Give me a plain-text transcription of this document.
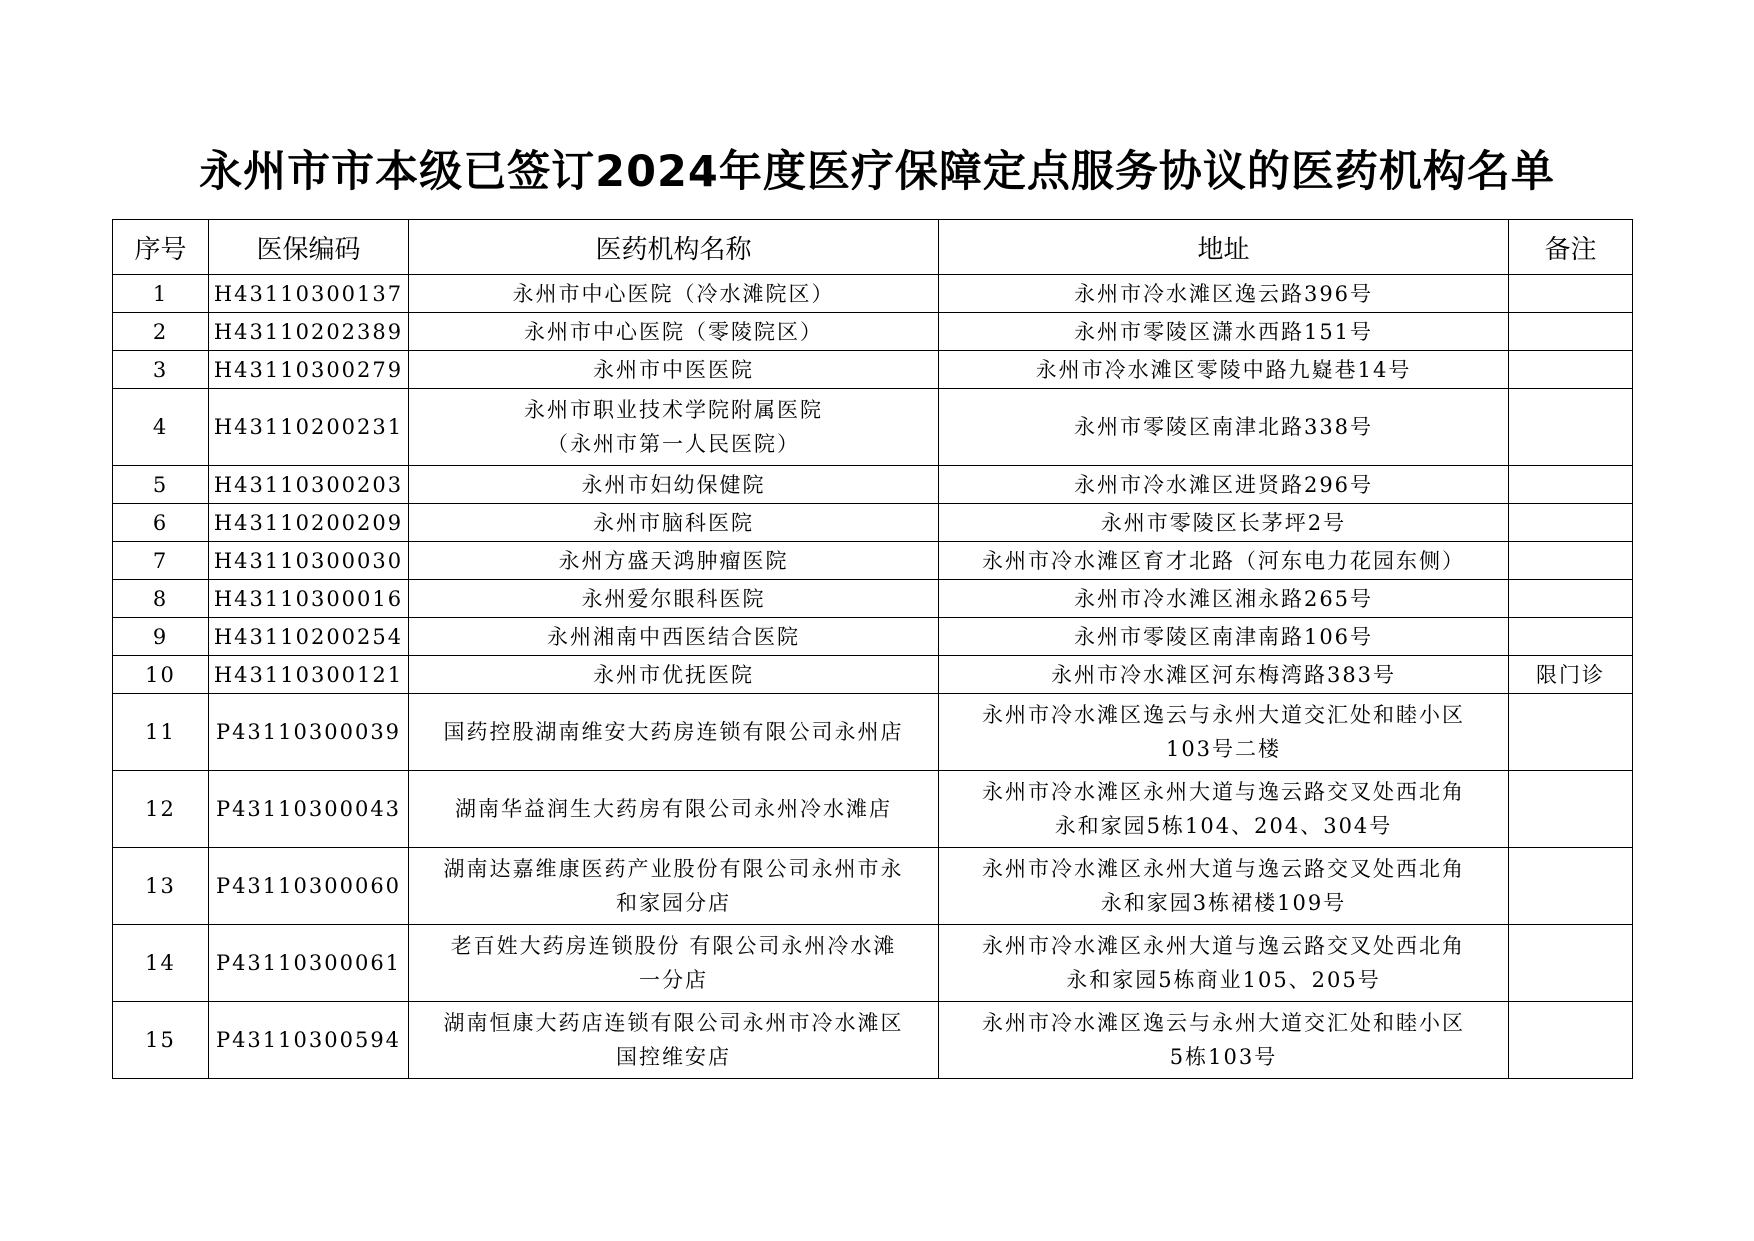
永州市市本级已签订2024年度医疗保障定点服务协议的医药机构名单
序号	医保编码	医药机构名称	地址	备注
1	H43110300137	永州市中心医院（冷水滩院区）	永州市冷水滩区逸云路396号	

2	H43110202389	永州市中心医院（零陵院区）	永州市零陵区潇水西路151号	

3	H43110300279	永州市中医医院	永州市冷水滩区零陵中路九嶷巷14号	

4	H43110200231	永州市职业技术学院附属医院
（永州市第一人民医院）	永州市零陵区南津北路338号	

5	H43110300203	永州市妇幼保健院	永州市冷水滩区进贤路296号	

6	H43110200209	永州市脑科医院	永州市零陵区长茅坪2号	

7	H43110300030	永州方盛天鸿肿瘤医院	永州市冷水滩区育才北路（河东电力花园东侧）	

8	H43110300016	永州爱尔眼科医院	永州市冷水滩区湘永路265号	

9	H43110200254	永州湘南中西医结合医院	永州市零陵区南津南路106号	

10	H43110300121	永州市优抚医院	永州市冷水滩区河东梅湾路383号	限门诊
11	P43110300039	国药控股湖南维安大药房连锁有限公司永州店	永州市冷水滩区逸云与永州大道交汇处和睦小区
103号二楼	

12	P43110300043	湖南华益润生大药房有限公司永州冷水滩店	永州市冷水滩区永州大道与逸云路交叉处西北角
永和家园5栋104、204、304号	

13	P43110300060	湖南达嘉维康医药产业股份有限公司永州市永
和家园分店	永州市冷水滩区永州大道与逸云路交叉处西北角
永和家园3栋裙楼109号	

14	P43110300061	老百姓大药房连锁股份 有限公司永州冷水滩
一分店	永州市冷水滩区永州大道与逸云路交叉处西北角
永和家园5栋商业105、205号	

15	P43110300594	湖南恒康大药店连锁有限公司永州市冷水滩区
国控维安店	永州市冷水滩区逸云与永州大道交汇处和睦小区
5栋103号	
